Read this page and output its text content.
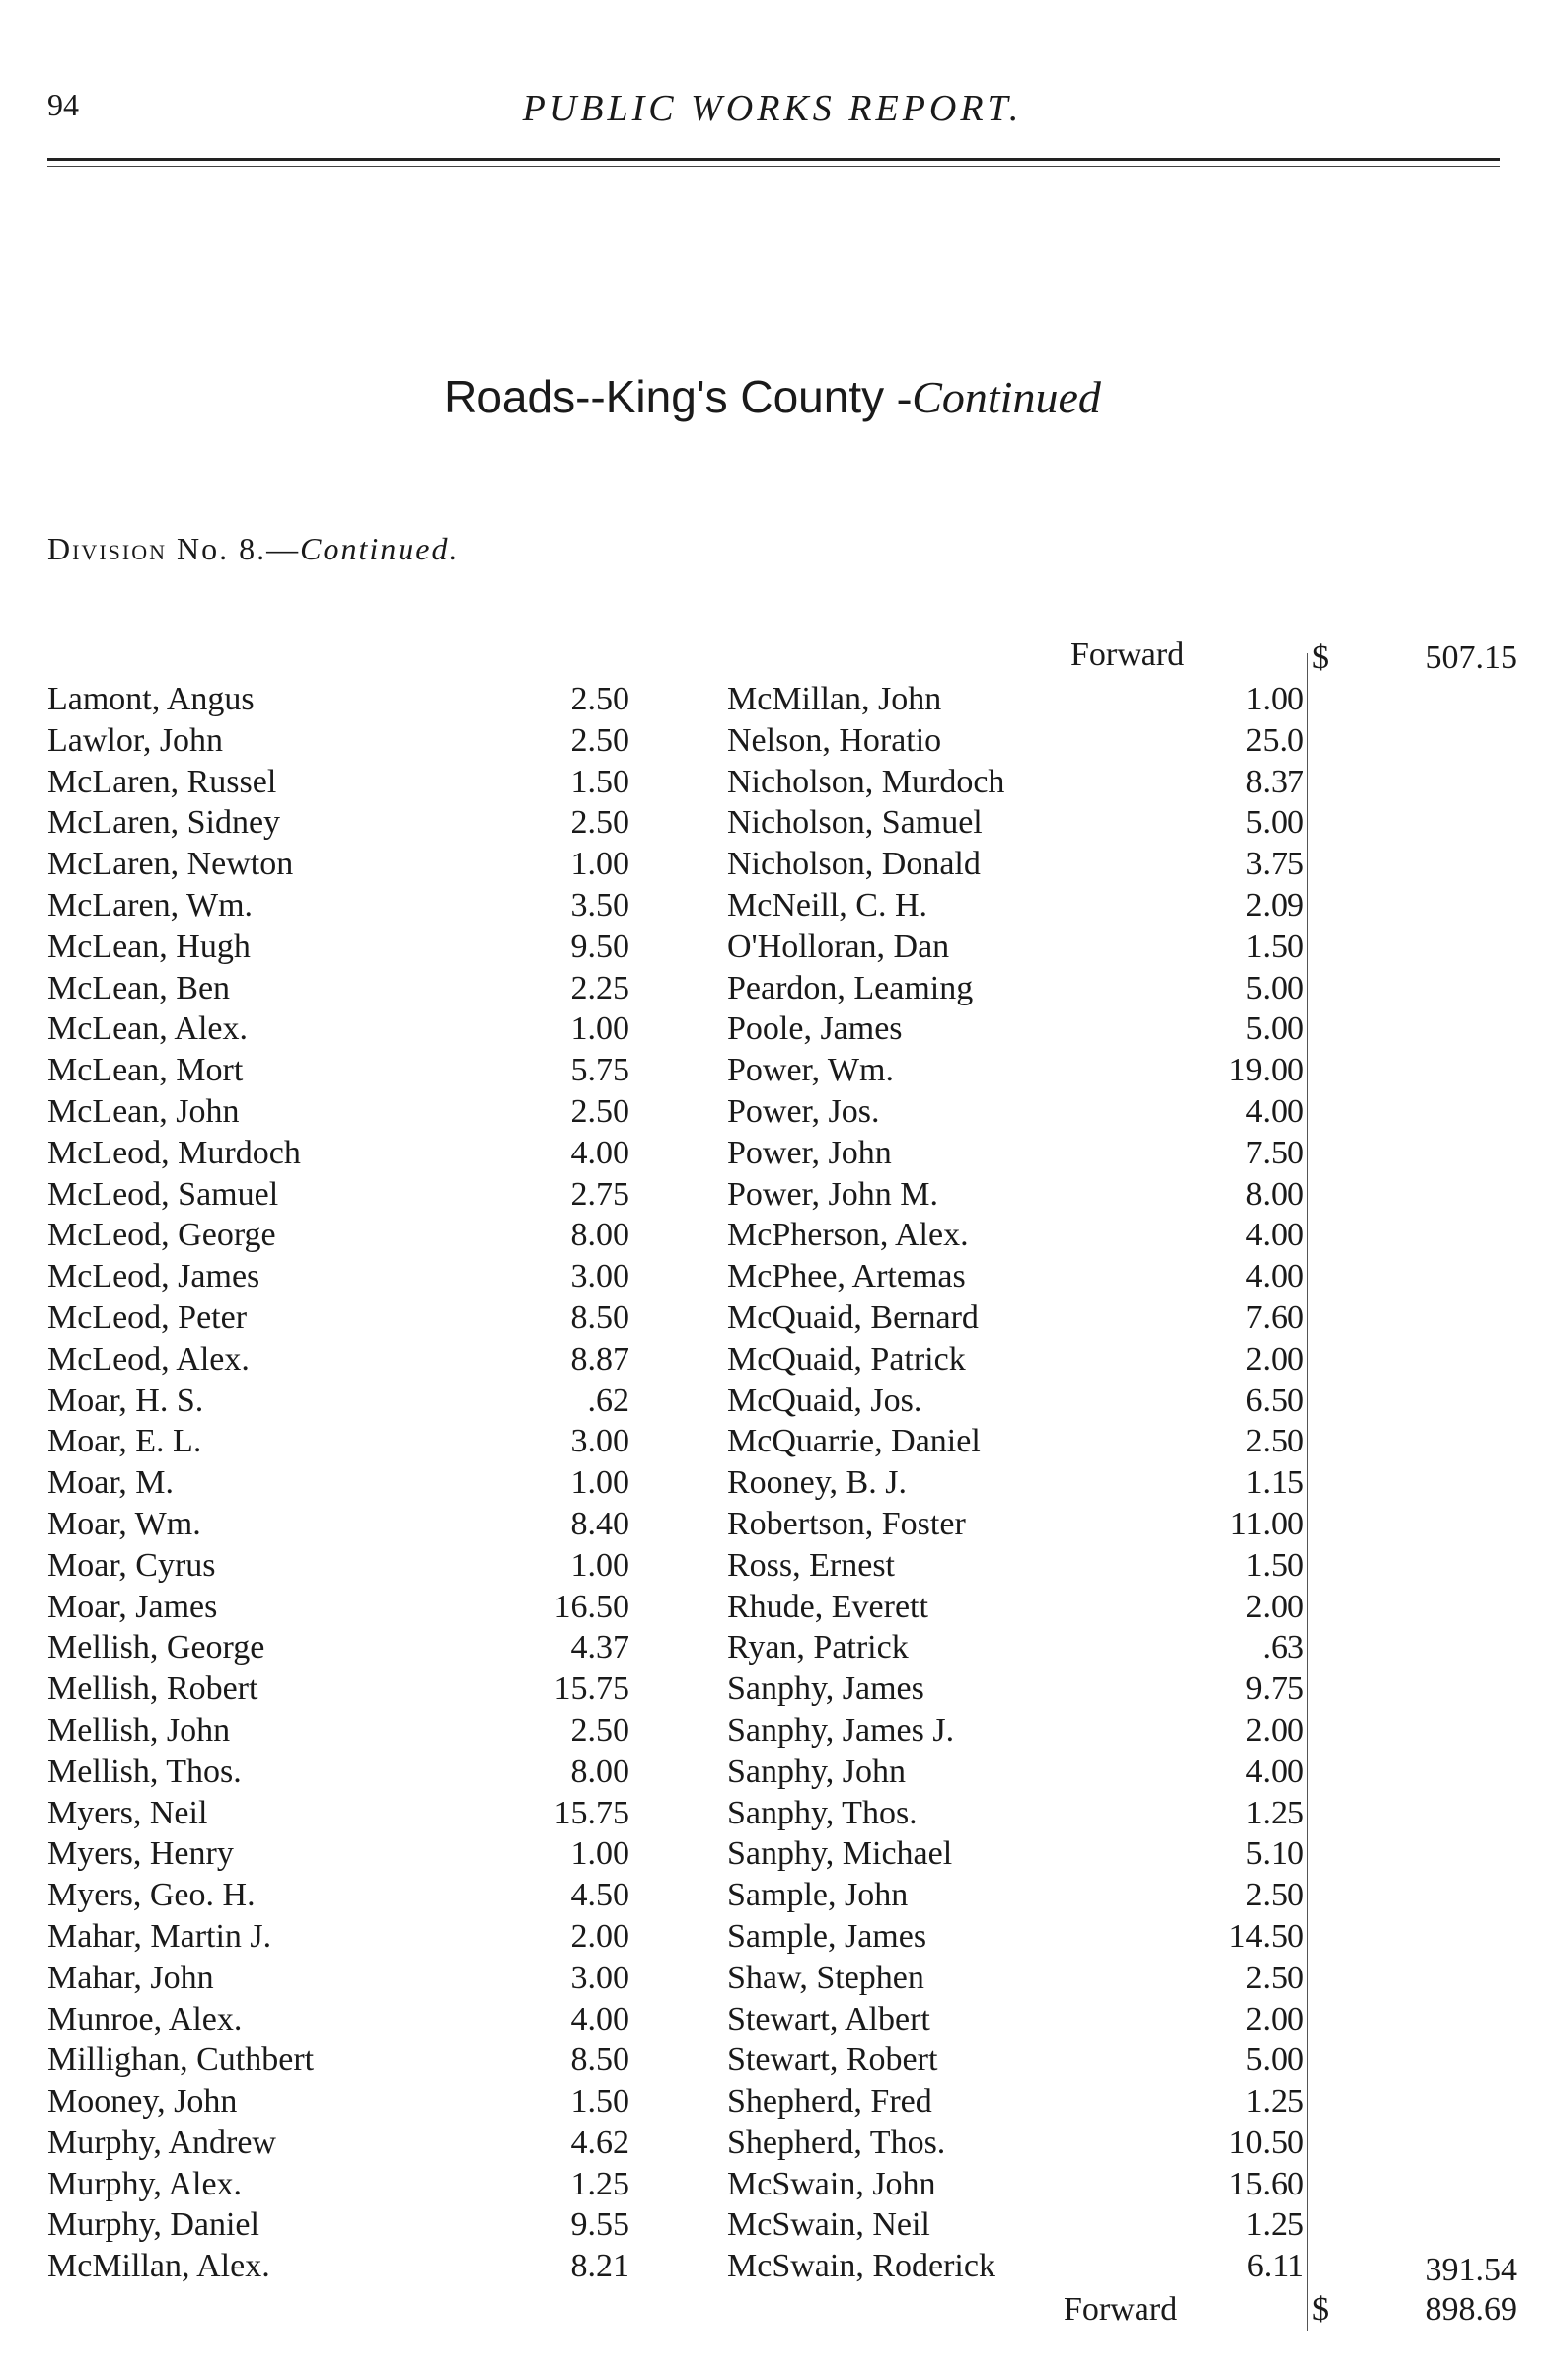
94	PUBLIC WORKS REPORT.
Roads--King's County -Continued
Division No. 8.—Continued.
Forward	$	507.15
Lamont, Angus	2.50
Lawlor, John	2.50
McLaren, Russel	1.50
McLaren, Sidney	2.50
McLaren, Newton	1.00
McLaren, Wm.	3.50
McLean, Hugh	9.50
McLean, Ben	2.25
McLean, Alex.	1.00
McLean, Mort	5.75
McLean, John	2.50
McLeod, Murdoch	4.00
McLeod, Samuel	2.75
McLeod, George	8.00
McLeod, James	3.00
McLeod, Peter	8.50
McLeod, Alex.	8.87
Moar, H. S.	.62
Moar, E. L.	3.00
Moar, M.	1.00
Moar, Wm.	8.40
Moar, Cyrus	1.00
Moar, James	16.50
Mellish, George	4.37
Mellish, Robert	15.75
Mellish, John	2.50
Mellish, Thos.	8.00
Myers, Neil	15.75
Myers, Henry	1.00
Myers, Geo. H.	4.50
Mahar, Martin J.	2.00
Mahar, John	3.00
Munroe, Alex.	4.00
Millighan, Cuthbert	8.50
Mooney, John	1.50
Murphy, Andrew	4.62
Murphy, Alex.	1.25
Murphy, Daniel	9.55
McMillan, Alex.	8.21
McMillan, John	1.00
Nelson, Horatio	25.0
Nicholson, Murdoch	8.37
Nicholson, Samuel	5.00
Nicholson, Donald	3.75
McNeill, C. H.	2.09
O'Holloran, Dan	1.50
Peardon, Leaming	5.00
Poole, James	5.00
Power, Wm.	19.00
Power, Jos.	4.00
Power, John	7.50
Power, John M.	8.00
McPherson, Alex.	4.00
McPhee, Artemas	4.00
McQuaid, Bernard	7.60
McQuaid, Patrick	2.00
McQuaid, Jos.	6.50
McQuarrie, Daniel	2.50
Rooney, B. J.	1.15
Robertson, Foster	11.00
Ross, Ernest	1.50
Rhude, Everett	2.00
Ryan, Patrick	.63
Sanphy, James	9.75
Sanphy, James J.	2.00
Sanphy, John	4.00
Sanphy, Thos.	1.25
Sanphy, Michael	5.10
Sample, John	2.50
Sample, James	14.50
Shaw, Stephen	2.50
Stewart, Albert	2.00
Stewart, Robert	5.00
Shepherd, Fred	1.25
Shepherd, Thos.	10.50
McSwain, John	15.60
McSwain, Neil	1.25
McSwain, Roderick	6.11	391.54
Forward	$	898.69
